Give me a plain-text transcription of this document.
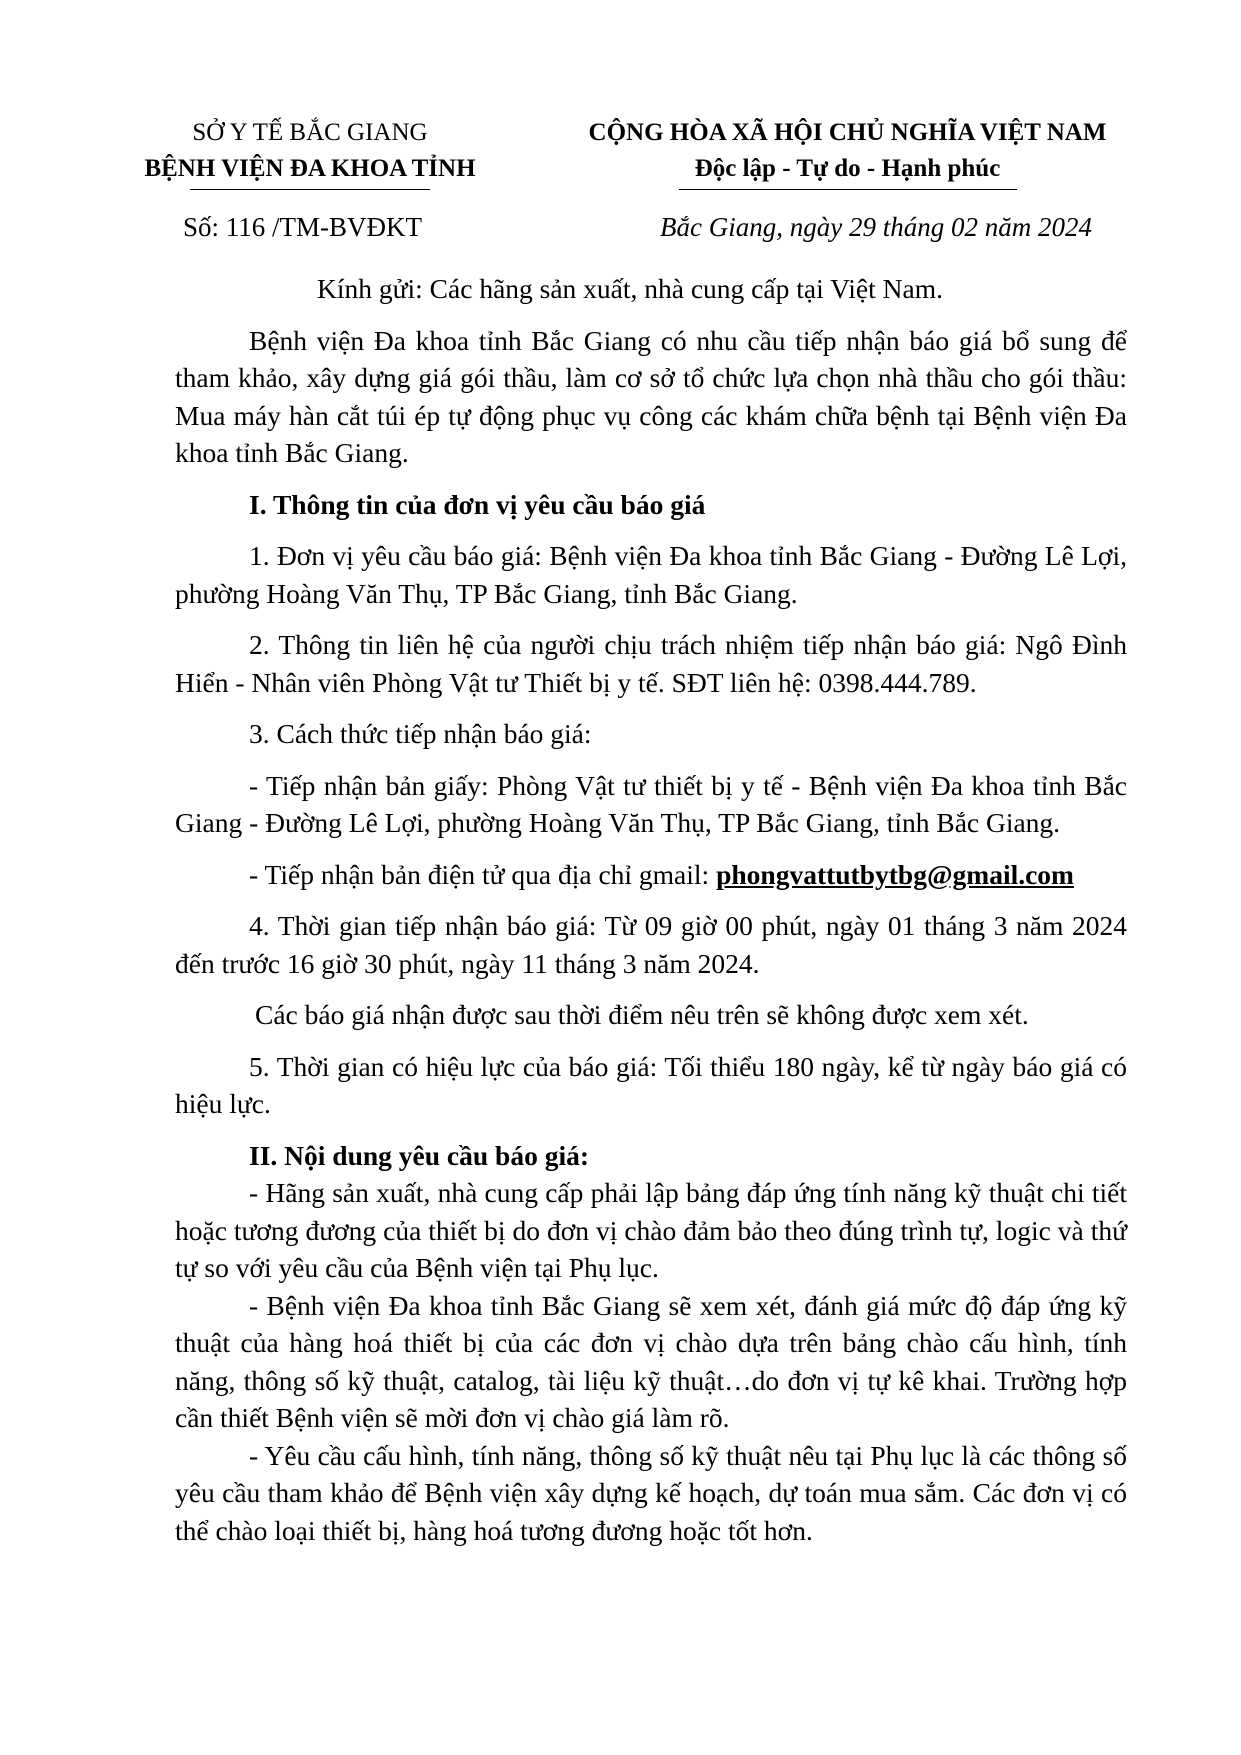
SỞ Y TẾ BẮC GIANG
BỆNH VIỆN ĐA KHOA TỈNH
CỘNG HÒA XÃ HỘI CHỦ NGHĨA VIỆT NAM
Độc lập - Tự do - Hạnh phúc
Số: 116 /TM-BVĐKT	Bắc Giang, ngày 29 tháng 02 năm 2024

Kính gửi: Các hãng sản xuất, nhà cung cấp tại Việt Nam.

Bệnh viện Đa khoa tỉnh Bắc Giang có nhu cầu tiếp nhận báo giá bổ sung để tham khảo, xây dựng giá gói thầu, làm cơ sở tổ chức lựa chọn nhà thầu cho gói thầu: Mua máy hàn cắt túi ép tự động phục vụ công các khám chữa bệnh tại Bệnh viện Đa khoa tỉnh Bắc Giang.

I. Thông tin của đơn vị yêu cầu báo giá

1. Đơn vị yêu cầu báo giá: Bệnh viện Đa khoa tỉnh Bắc Giang - Đường Lê Lợi, phường Hoàng Văn Thụ, TP Bắc Giang, tỉnh Bắc Giang.

2. Thông tin liên hệ của người chịu trách nhiệm tiếp nhận báo giá: Ngô Đình Hiển - Nhân viên Phòng Vật tư Thiết bị y tế. SĐT liên hệ: 0398.444.789.

3. Cách thức tiếp nhận báo giá:

- Tiếp nhận bản giấy: Phòng Vật tư thiết bị y tế - Bệnh viện Đa khoa tỉnh Bắc Giang - Đường Lê Lợi, phường Hoàng Văn Thụ, TP Bắc Giang, tỉnh Bắc Giang.

- Tiếp nhận bản điện tử qua địa chỉ gmail: phongvattutbytbg@gmail.com

4. Thời gian tiếp nhận báo giá: Từ 09 giờ 00 phút, ngày 01 tháng 3 năm 2024 đến trước 16 giờ 30 phút, ngày 11 tháng 3 năm 2024.

Các báo giá nhận được sau thời điểm nêu trên sẽ không được xem xét.

5. Thời gian có hiệu lực của báo giá: Tối thiểu 180 ngày, kể từ ngày báo giá có hiệu lực.

II. Nội dung yêu cầu báo giá:

- Hãng sản xuất, nhà cung cấp phải lập bảng đáp ứng tính năng kỹ thuật chi tiết hoặc tương đương của thiết bị do đơn vị chào đảm bảo theo đúng trình tự, logic và thứ tự so với yêu cầu của Bệnh viện tại Phụ lục.

- Bệnh viện Đa khoa tỉnh Bắc Giang sẽ xem xét, đánh giá mức độ đáp ứng kỹ thuật của hàng hoá thiết bị của các đơn vị chào dựa trên bảng chào cấu hình, tính năng, thông số kỹ thuật, catalog, tài liệu kỹ thuật…do đơn vị tự kê khai. Trường hợp cần thiết Bệnh viện sẽ mời đơn vị chào giá làm rõ.

- Yêu cầu cấu hình, tính năng, thông số kỹ thuật nêu tại Phụ lục là các thông số yêu cầu tham khảo để Bệnh viện xây dựng kế hoạch, dự toán mua sắm. Các đơn vị có thể chào loại thiết bị, hàng hoá tương đương hoặc tốt hơn.
